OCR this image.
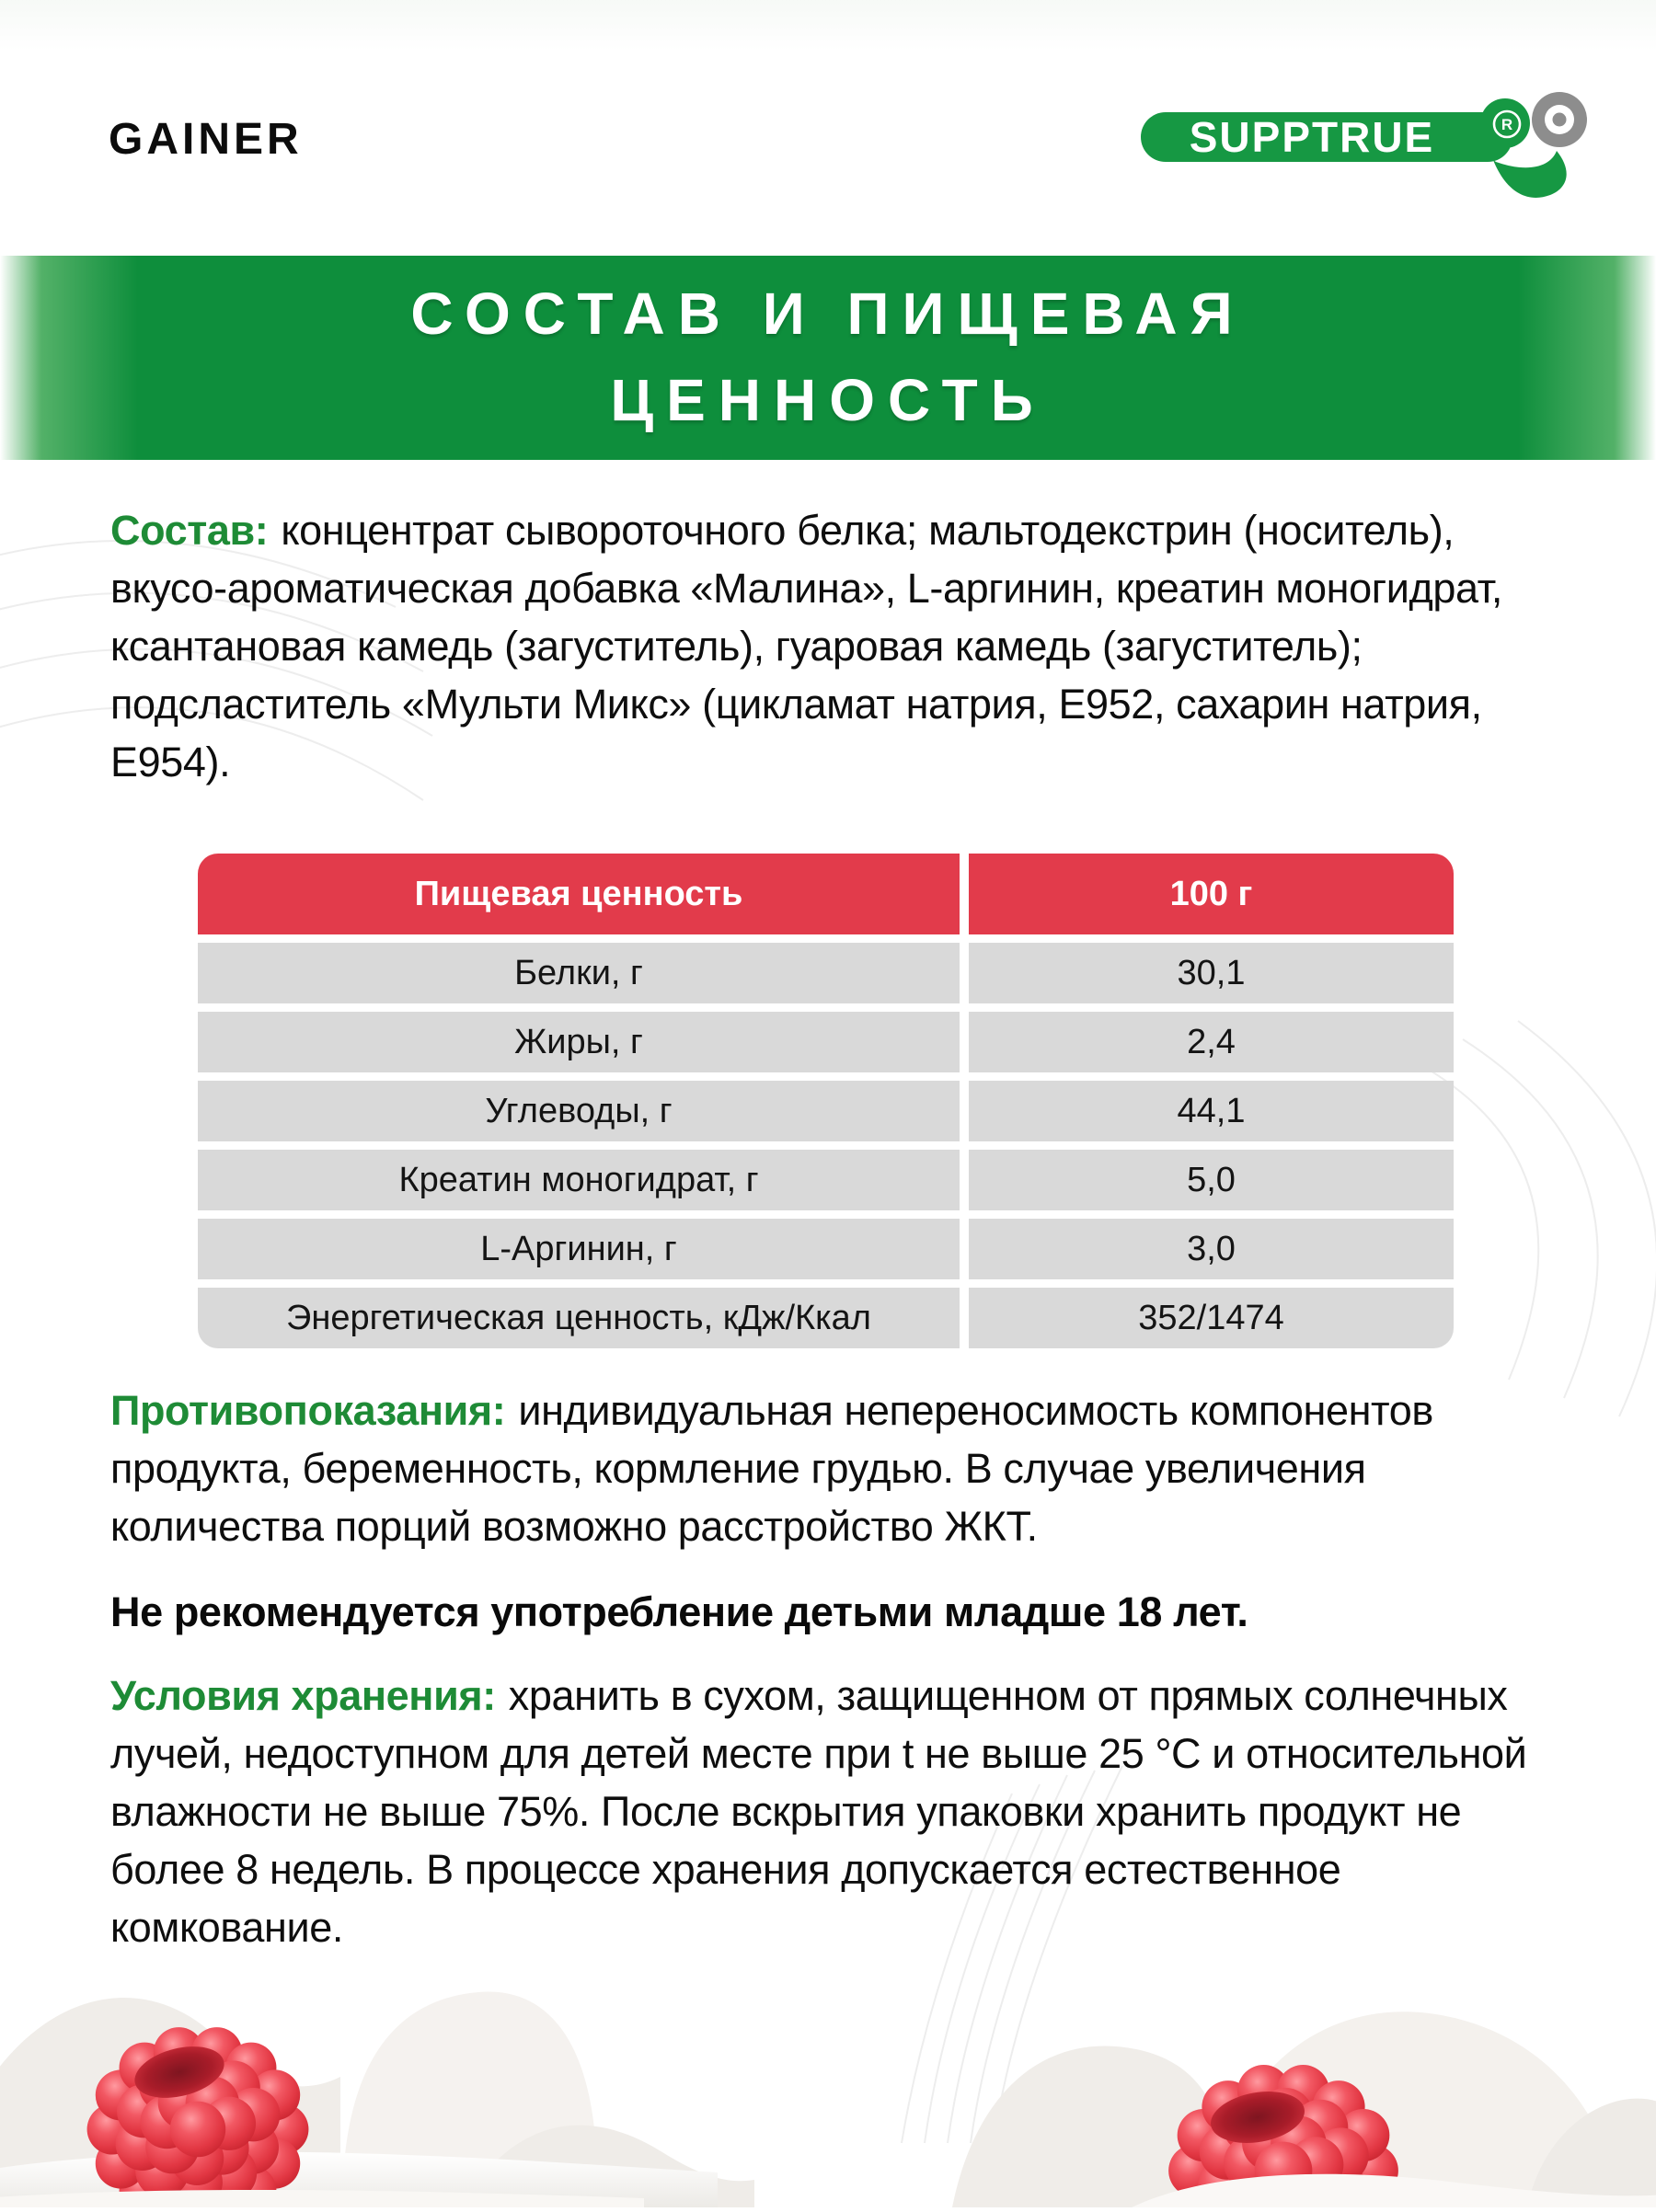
GAINER	SUPPTRUE	R
СОСТАВ И ПИЩЕВАЯ
ЦЕННОСТЬ
Состав: концентрат сывороточного белка; мальтодекстрин (носитель), вкусо-ароматическая добавка «Малина», L-аргинин, креатин моногидрат, ксантановая камедь (загуститель), гуаровая камедь (загуститель); подсластитель «Мульти Микс» (цикламат натрия, Е952, сахарин натрия, Е954).
Пищевая ценность	100 г
Белки, г	30,1
Жиры, г	2,4
Углеводы, г	44,1
Креатин моногидрат, г	5,0
L-Аргинин, г	3,0
Энергетическая ценность, кДж/Ккал	352/1474
Противопоказания: индивидуальная непереносимость компонентов продукта, беременность, кормление грудью. В случае увеличения количества порций возможно расстройство ЖКТ.
Не рекомендуется употребление детьми младше 18 лет.
Условия хранения: хранить в сухом, защищенном от прямых солнечных лучей, недоступном для детей месте при t не выше 25 °С и относительной влажности не выше 75%. После вскрытия упаковки хранить продукт не более 8 недель. В процессе хранения допускается естественное комкование.
